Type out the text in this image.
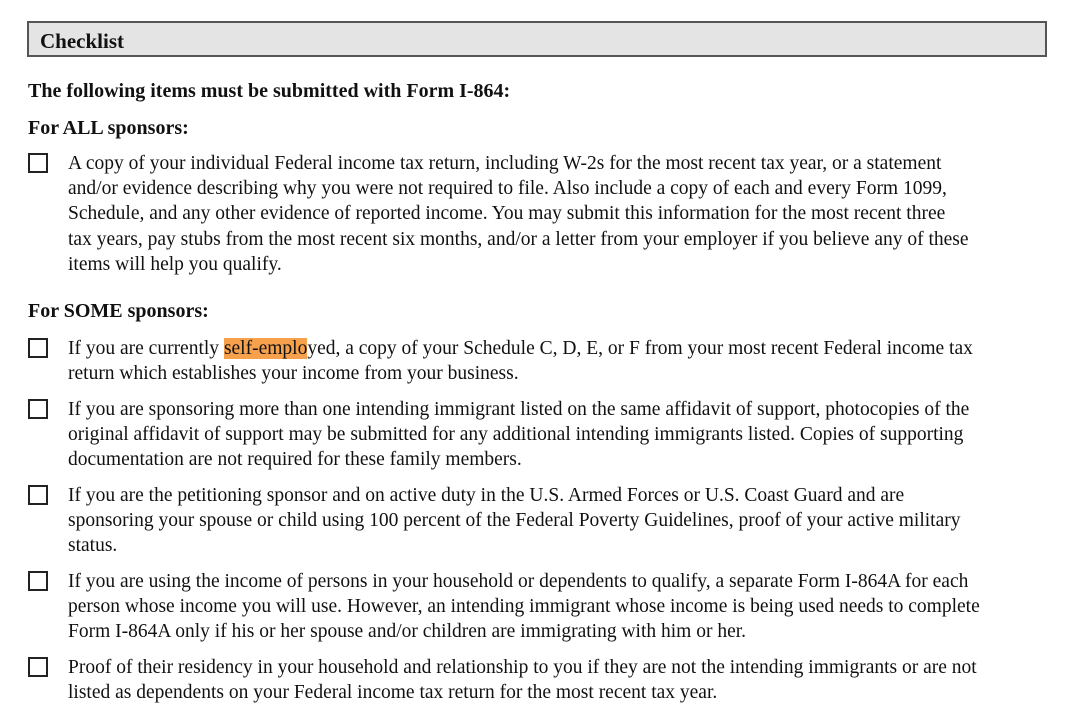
Checklist
The following items must be submitted with Form I-864:
For ALL sponsors:
A copy of your individual Federal income tax return, including W-2s for the most recent tax year, or a statement
and/or evidence describing why you were not required to file. Also include a copy of each and every Form 1099,
Schedule, and any other evidence of reported income. You may submit this information for the most recent three
tax years, pay stubs from the most recent six months, and/or a letter from your employer if you believe any of these
items will help you qualify.
For SOME sponsors:
If you are currently self-employed, a copy of your Schedule C, D, E, or F from your most recent Federal income tax
return which establishes your income from your business.
If you are sponsoring more than one intending immigrant listed on the same affidavit of support, photocopies of the
original affidavit of support may be submitted for any additional intending immigrants listed. Copies of supporting
documentation are not required for these family members.
If you are the petitioning sponsor and on active duty in the U.S. Armed Forces or U.S. Coast Guard and are
sponsoring your spouse or child using 100 percent of the Federal Poverty Guidelines, proof of your active military
status.
If you are using the income of persons in your household or dependents to qualify, a separate Form I-864A for each
person whose income you will use. However, an intending immigrant whose income is being used needs to complete
Form I-864A only if his or her spouse and/or children are immigrating with him or her.
Proof of their residency in your household and relationship to you if they are not the intending immigrants or are not
listed as dependents on your Federal income tax return for the most recent tax year.
